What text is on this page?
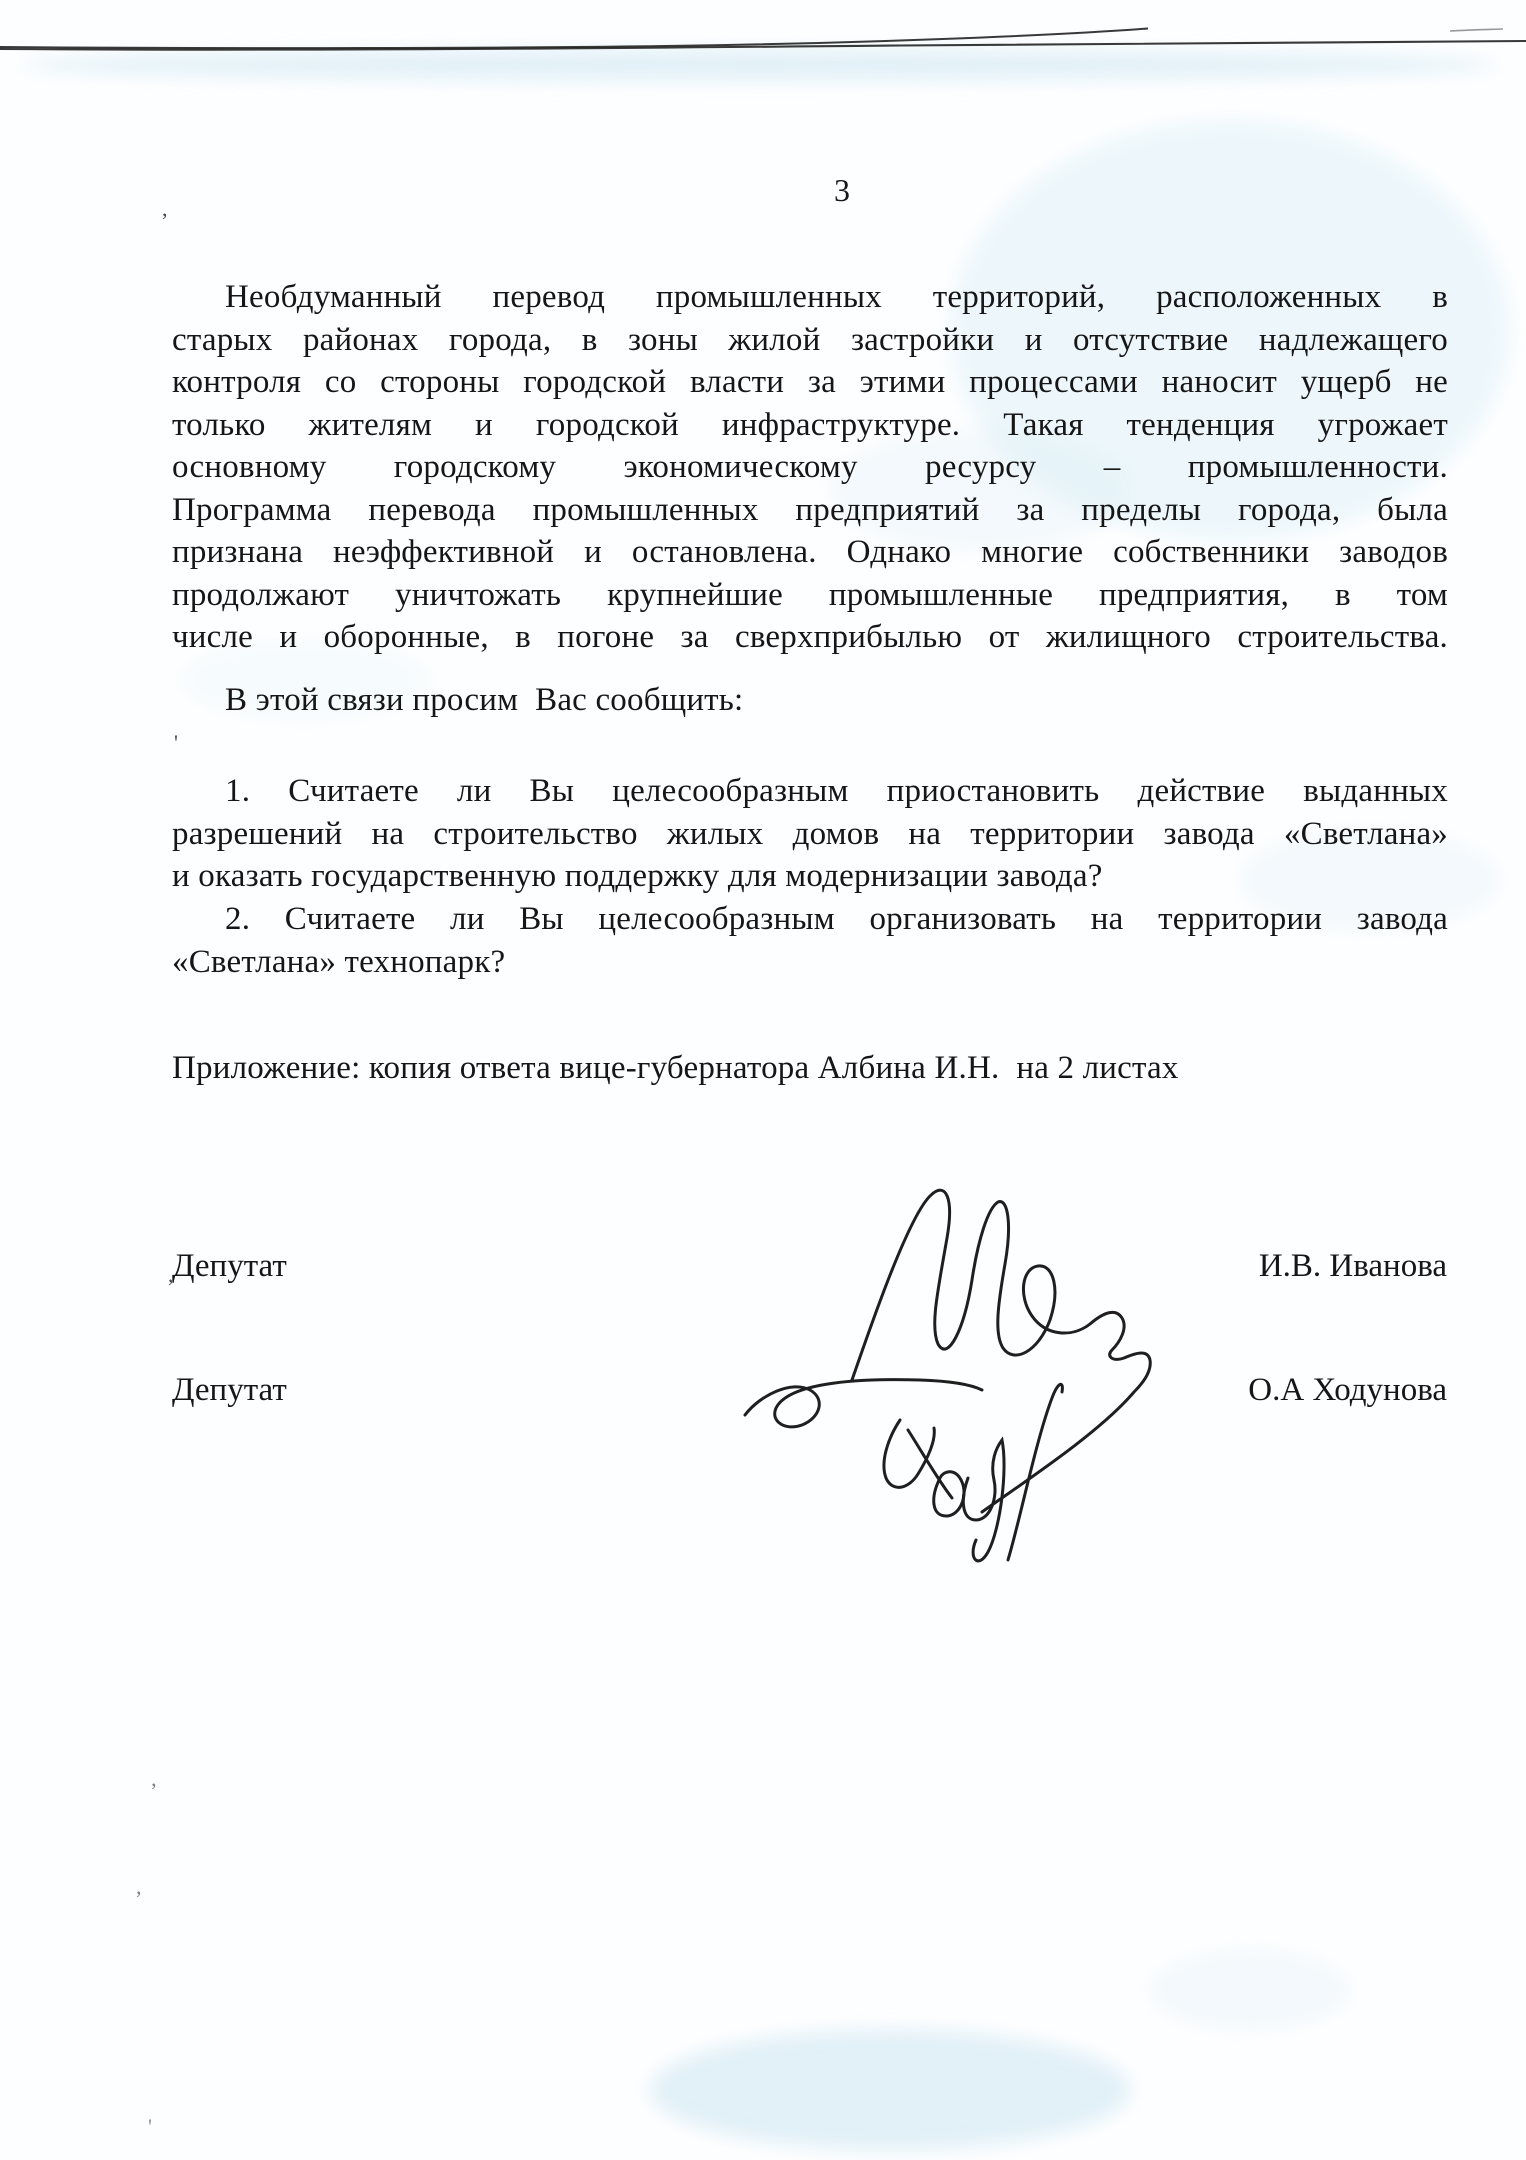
3
,
'
,
’
,
'
Необдуманный перевод промышленных территорий, расположенных в
старых районах города, в зоны жилой застройки и отсутствие надлежащего
контроля со стороны городской власти за этими процессами наносит ущерб не
только жителям и городской инфраструктуре. Такая тенденция угрожает
основному городскому экономическому ресурсу – промышленности.
Программа перевода промышленных предприятий за пределы города, была
признана неэффективной и остановлена. Однако многие собственники заводов
продолжают уничтожать крупнейшие промышленные предприятия, в том
числе и оборонные, в погоне за сверхприбылью от жилищного строительства.
В этой связи просим  Вас сообщить:
1. Считаете ли Вы целесообразным приостановить действие выданных
разрешений на строительство жилых домов на территории завода «Светлана»
и оказать государственную поддержку для модернизации завода?
2. Считаете ли Вы целесообразным организовать на территории завода
«Светлана» технопарк?
Приложение: копия ответа вице-губернатора Албина И.Н.  на 2 листах
Депутат	И.В. Иванова
Депутат	О.А Ходунова
